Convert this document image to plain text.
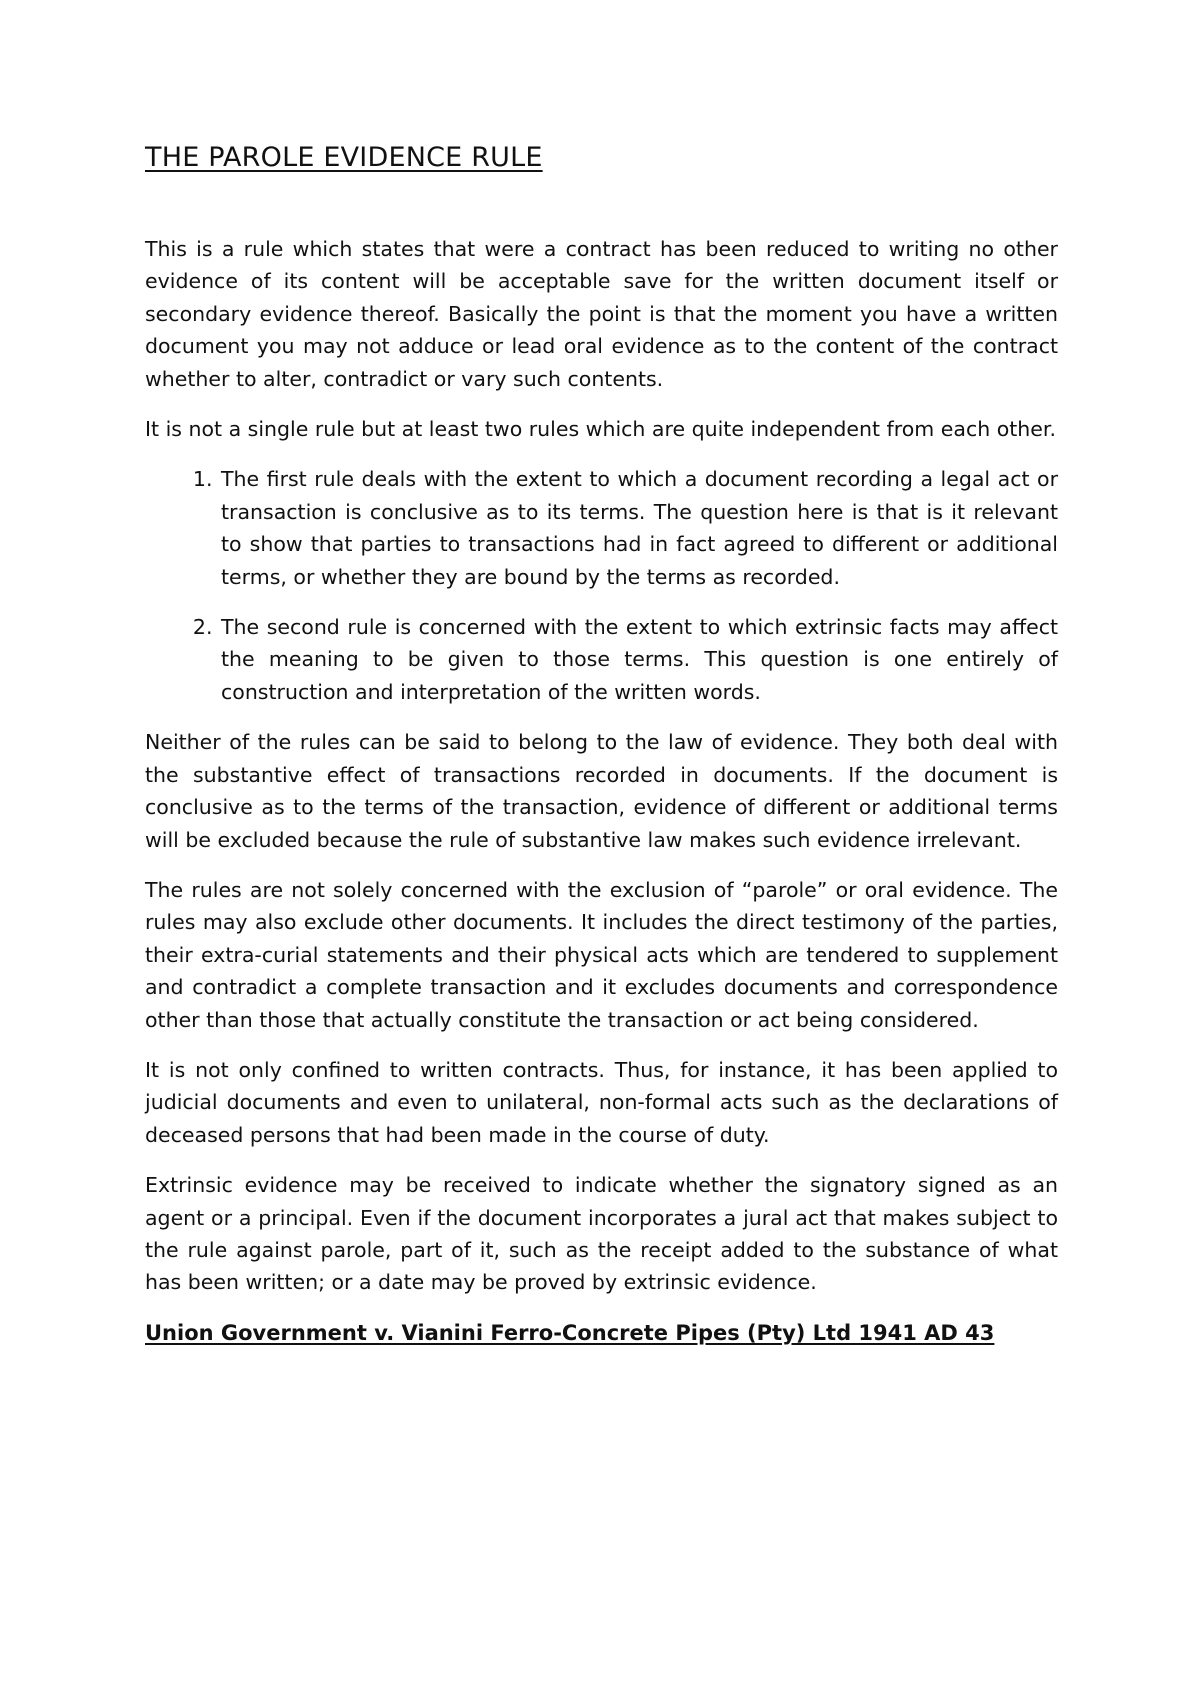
THE PAROLE EVIDENCE RULE

This is a rule which states that were a contract has been reduced to writing no other evidence of its content will be acceptable save for the written document itself or secondary evidence thereof. Basically the point is that the moment you have a written document you may not adduce or lead oral evidence as to the content of the contract whether to alter, contradict or vary such contents.

It is not a single rule but at least two rules which are quite independent from each other.

1. The first rule deals with the extent to which a document recording a legal act or transaction is conclusive as to its terms. The question here is that is it relevant to show that parties to transactions had in fact agreed to different or additional terms, or whether they are bound by the terms as recorded.
2. The second rule is concerned with the extent to which extrinsic facts may affect the meaning to be given to those terms. This question is one entirely of construction and interpretation of the written words.

Neither of the rules can be said to belong to the law of evidence. They both deal with the substantive effect of transactions recorded in documents. If the document is conclusive as to the terms of the transaction, evidence of different or additional terms will be excluded because the rule of substantive law makes such evidence irrelevant.

The rules are not solely concerned with the exclusion of “parole” or oral evidence. The rules may also exclude other documents. It includes the direct testimony of the parties, their extra-curial statements and their physical acts which are tendered to supplement and contradict a complete transaction and it excludes documents and correspondence other than those that actually constitute the transaction or act being considered.

It is not only confined to written contracts. Thus, for instance, it has been applied to judicial documents and even to unilateral, non-formal acts such as the declarations of deceased persons that had been made in the course of duty.

Extrinsic evidence may be received to indicate whether the signatory signed as an agent or a principal. Even if the document incorporates a jural act that makes subject to the rule against parole, part of it, such as the receipt added to the substance of what has been written; or a date may be proved by extrinsic evidence.

Union Government v. Vianini Ferro-Concrete Pipes (Pty) Ltd 1941 AD 43
